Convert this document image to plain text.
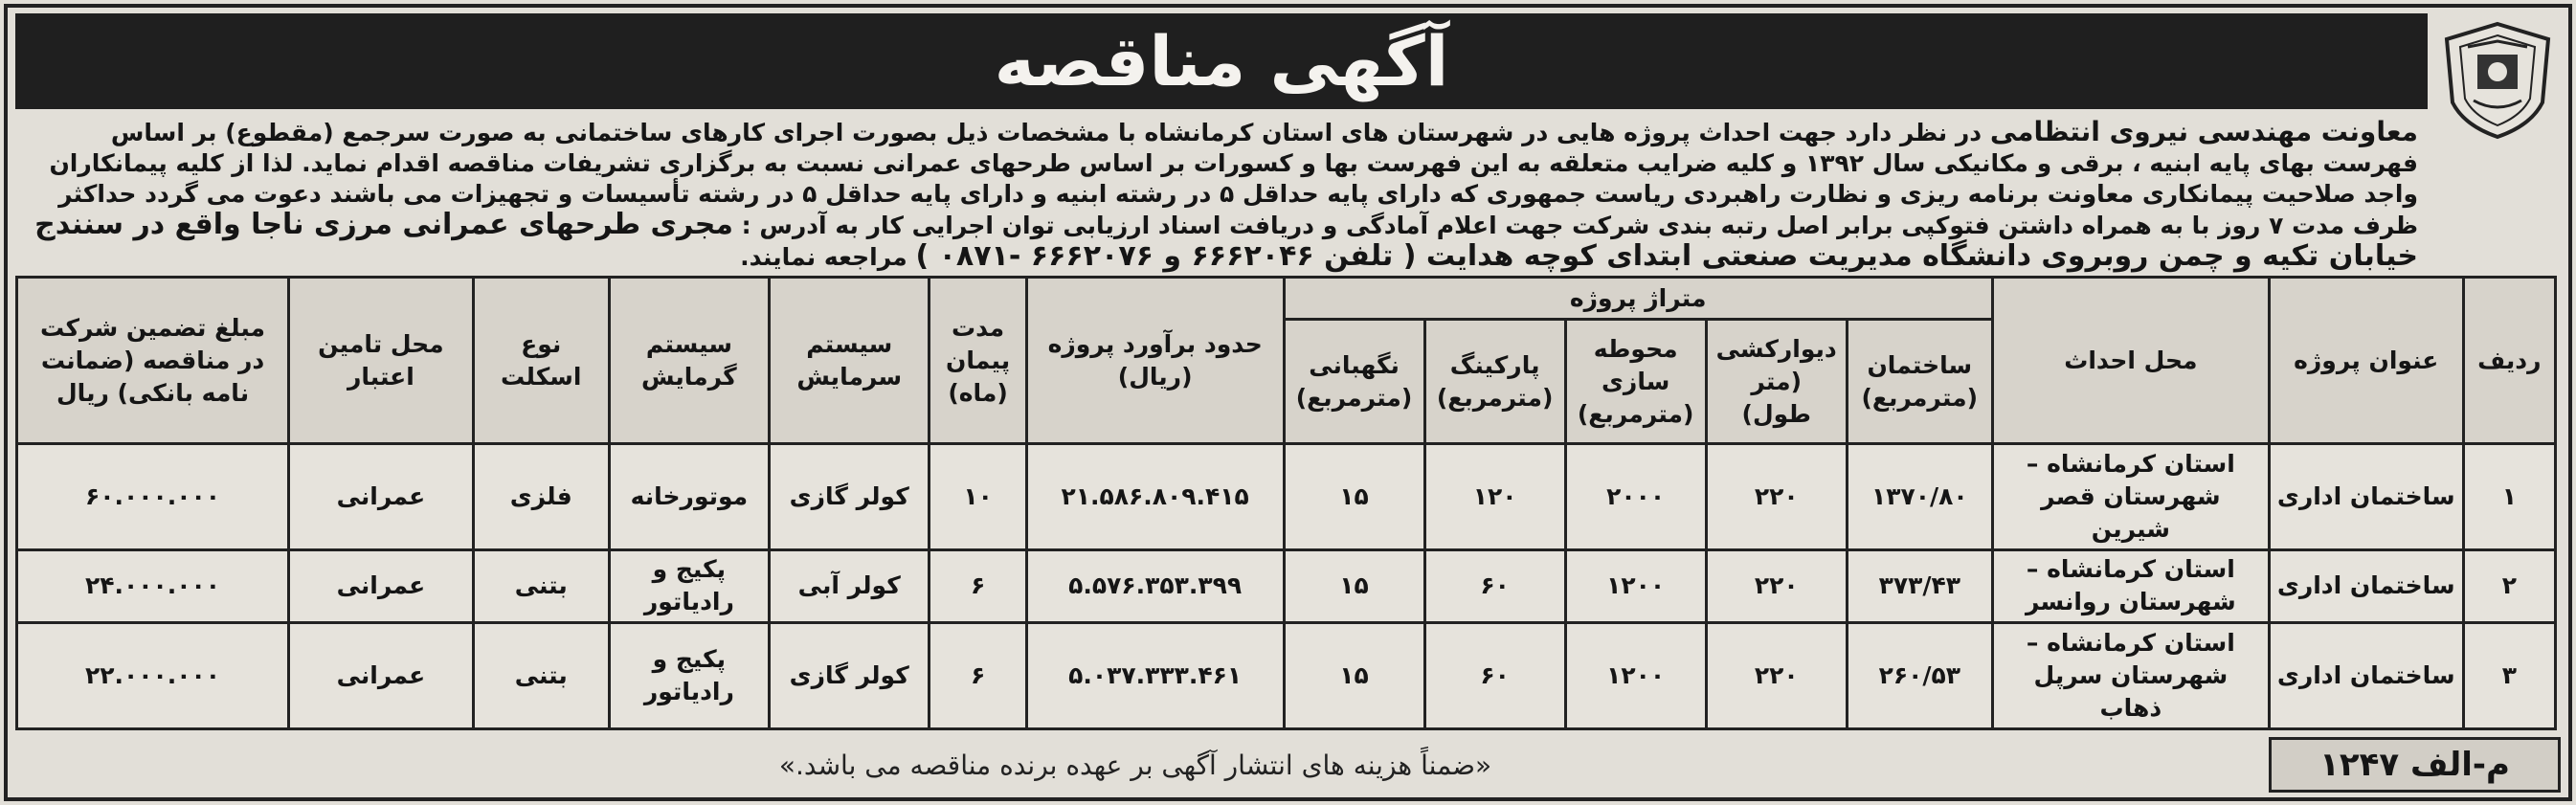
آگهی مناقصه
معاونت مهندسی نیروی انتظامی در نظر دارد جهت احداث پروژه هایی در شهرستان های استان کرمانشاه با مشخصات ذیل بصورت اجرای کارهای ساختمانی به صورت سرجمع (مقطوع) بر اساس فهرست بهای پایه ابنیه ، برقی و مکانیکی سال ۱۳۹۲ و کلیه ضرایب متعلقه به این فهرست بها و کسورات بر اساس طرحهای عمرانی نسبت به برگزاری تشریفات مناقصه اقدام نماید. لذا از کلیه پیمانکاران واجد صلاحیت پیمانکاری معاونت برنامه ریزی و نظارت راهبردی ریاست جمهوری که دارای پایه حداقل ۵ در رشته ابنیه و دارای پایه حداقل ۵ در رشته تأسیسات و تجهیزات می باشند دعوت می گردد حداکثر ظرف مدت ۷ روز با به همراه داشتن فتوکپی برابر اصل رتبه بندی شرکت جهت اعلام آمادگی و دریافت اسناد ارزیابی توان اجرایی کار به آدرس : مجری طرحهای عمرانی مرزی ناجا واقع در سنندج خیابان تکیه و چمن روبروی دانشگاه مدیریت صنعتی ابتدای کوچه هدایت ( تلفن ۶۶۶۲۰۴۶ و ۶۶۶۲۰۷۶ -۰۸۷۱ ) مراجعه نمایند.
ردیف	عنوان پروژه	محل احداث	متراژ پروژه					حدود برآورد پروژه (ریال)	مدت پیمان (ماه)	سیستم سرمایش	سیستم گرمایش	نوع اسکلت	محل تامین اعتبار	مبلغ تضمین شرکت در مناقصه (ضمانت نامه بانکی) ریال
			ساختمان (مترمربع)	دیوارکشی (متر طول)	محوطه سازی (مترمربع)	پارکینگ (مترمربع)	نگهبانی (مترمربع)							
۱	ساختمان اداری	استان کرمانشاه – شهرستان قصر شیرین	۱۳۷۰/۸۰	۲۲۰	۲۰۰۰	۱۲۰	۱۵	۲۱.۵۸۶.۸۰۹.۴۱۵	۱۰	کولر گازی	موتورخانه	فلزی	عمرانی	۶۰.۰۰۰.۰۰۰
۲	ساختمان اداری	استان کرمانشاه – شهرستان روانسر	۳۷۳/۴۳	۲۲۰	۱۲۰۰	۶۰	۱۵	۵.۵۷۶.۳۵۳.۳۹۹	۶	کولر آبی	پکیج و رادیاتور	بتنی	عمرانی	۲۴.۰۰۰.۰۰۰
۳	ساختمان اداری	استان کرمانشاه – شهرستان سرپل ذهاب	۲۶۰/۵۳	۲۲۰	۱۲۰۰	۶۰	۱۵	۵.۰۳۷.۳۳۳.۴۶۱	۶	کولر گازی	پکیج و رادیاتور	بتنی	عمرانی	۲۲.۰۰۰.۰۰۰
م-الف ۱۲۴۷
«ضمناً هزینه های انتشار آگهی بر عهده برنده مناقصه می باشد.»
